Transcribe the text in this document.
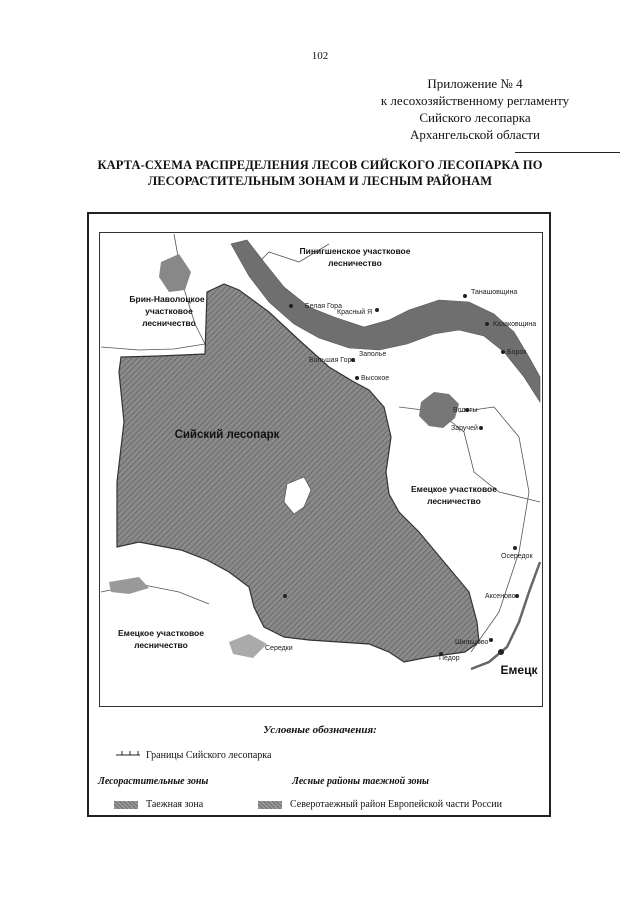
102
Приложение № 4
к лесохозяйственному регламенту
Сийского лесопарка
Архангельской области
КАРТА-СХЕМА РАСПРЕДЕЛЕНИЯ ЛЕСОВ СИЙСКОГО ЛЕСОПАРКА ПО
ЛЕСОРАСТИТЕЛЬНЫМ ЗОНАМ И ЛЕСНЫМ РАЙОНАМ
Пинигшенское участковое
лесничество
Брин-Наволоцкое
участковое
лесничество
Емецкое участковое
лесничество
Емецкое участковое
лесничество
Сийский лесопарк
Емецк
Белая Гора
Красный Я
Большая Гора
Заполье
Высокое
Танашовщина
Казаковщина
Борок
Волоты
Заручей
Осередок
Аксеново
Шильцово
Педор
Середки
Условные обозначения:
Границы Сийского лесопарка
Лесорастительные зоны	Лесные районы таежной зоны
Таежная зона	Северотаежный район Европейской части России
